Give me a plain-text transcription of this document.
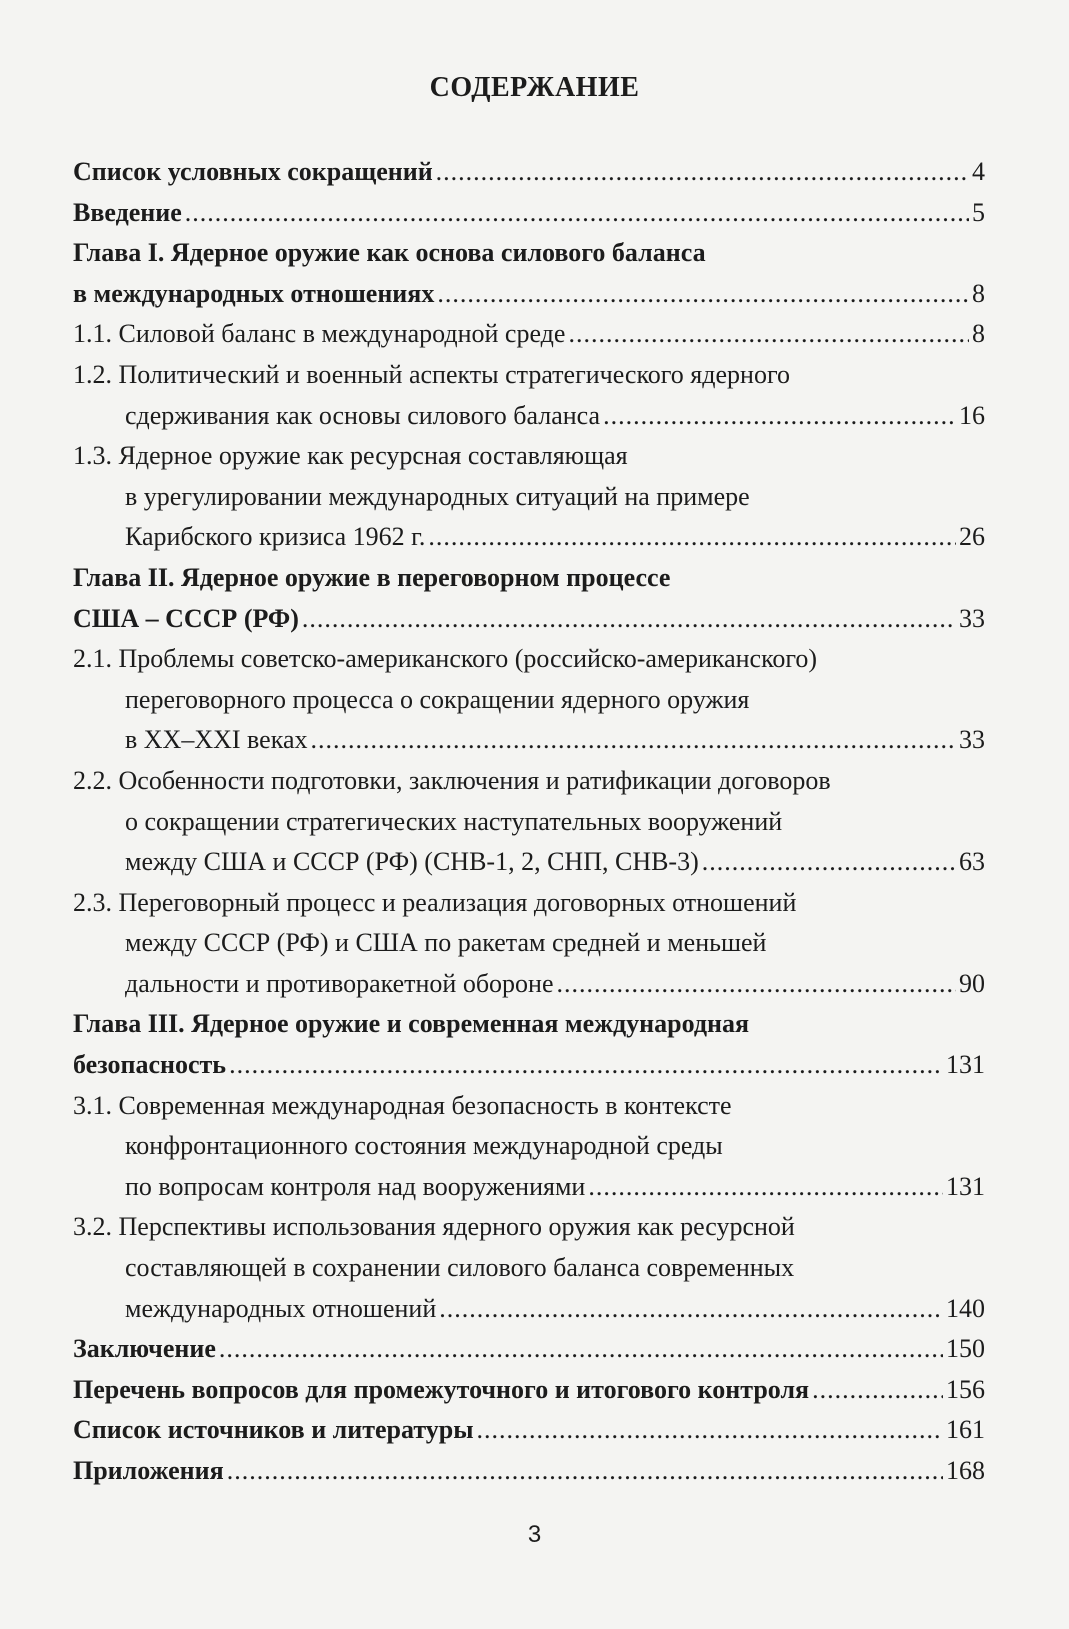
СОДЕРЖАНИЕ
Список условных сокращений .....	4
Введение .....	5
Глава I. Ядерное оружие как основа силового баланса
в международных отношениях .....	8
1.1. Силовой баланс в международной среде .....	8
1.2. Политический и военный аспекты стратегического ядерного
сдерживания как основы силового баланса .....	16
1.3. Ядерное оружие как ресурсная составляющая
в урегулировании международных ситуаций на примере
Карибского кризиса 1962 г. .....	26
Глава II. Ядерное оружие в переговорном процессе
США – СССР (РФ) .....	33
2.1. Проблемы советско-американского (российско-американского)
переговорного процесса о сокращении ядерного оружия
в XX–XXI веках .....	33
2.2. Особенности подготовки, заключения и ратификации договоров
о сокращении стратегических наступательных вооружений
между США и СССР (РФ) (СНВ-1, 2, СНП, СНВ-3) .....	63
2.3. Переговорный процесс и реализация договорных отношений
между СССР (РФ) и США по ракетам средней и меньшей
дальности и противоракетной обороне .....	90
Глава III. Ядерное оружие и современная международная
безопасность .....	131
3.1. Современная международная безопасность в контексте
конфронтационного состояния международной среды
по вопросам контроля над вооружениями .....	131
3.2. Перспективы использования ядерного оружия как ресурсной
составляющей в сохранении силового баланса современных
международных отношений .....	140
Заключение .....	150
Перечень вопросов для промежуточного и итогового контроля .....	156
Список источников и литературы .....	161
Приложения .....	168
3
